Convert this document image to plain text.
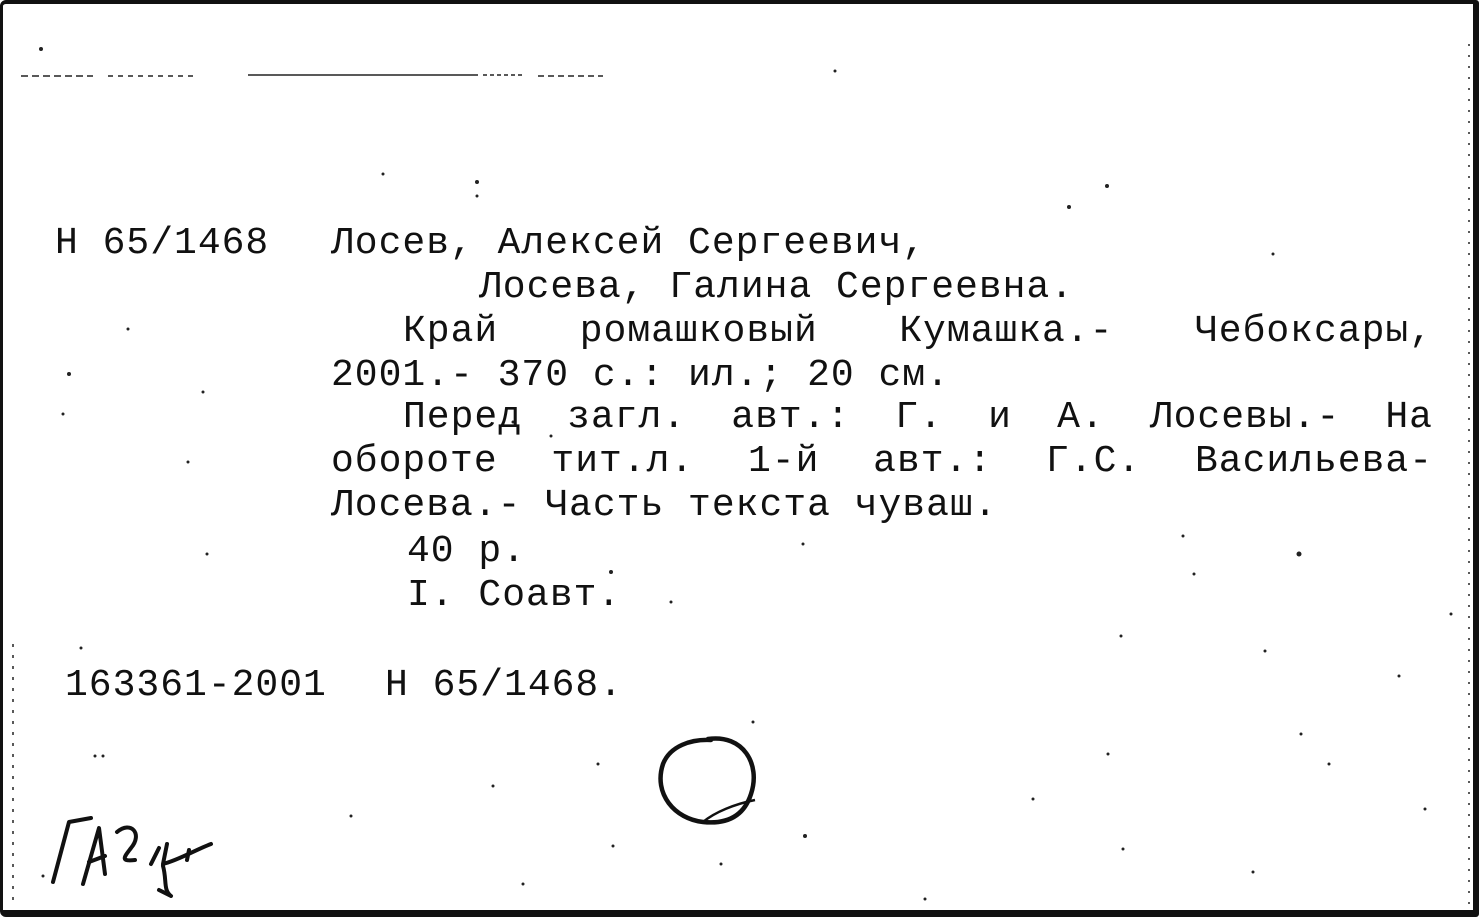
Н 65/1468 Лосев, Алексей Сергеевич,
Лосева, Галина Сергеевна.
Край ромашковый Кумашка.- Чебоксары,
2001.- 370 с.: ил.; 20 см.
Перед загл. авт.: Г. и А. Лосевы.- На
обороте тит.л. 1-й авт.: Г.С. Васильева-
Лосева.- Часть текста чуваш.
40 р.
I. Соавт.
163361-2001 Н 65/1468.
